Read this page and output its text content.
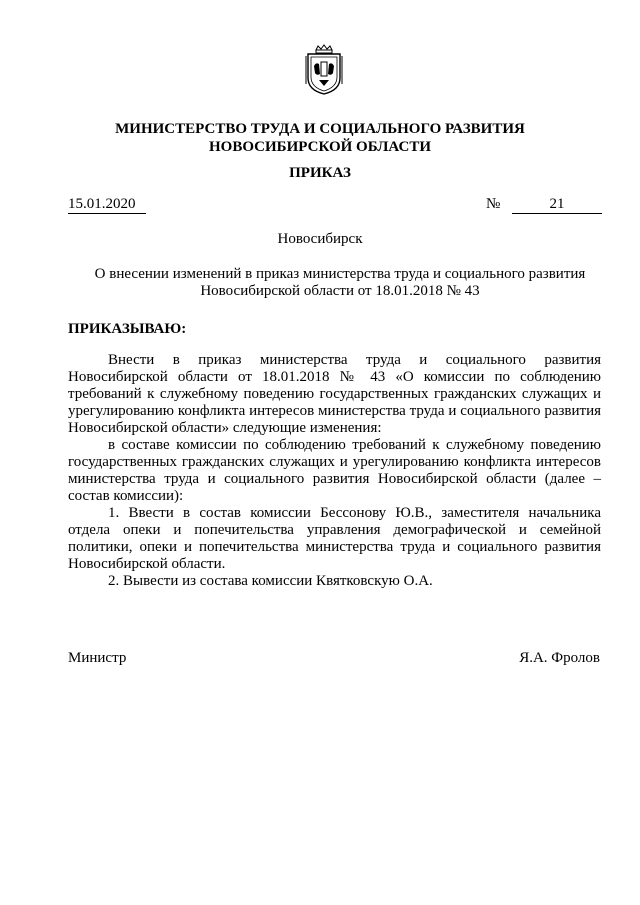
МИНИСТЕРСТВО ТРУДА И СОЦИАЛЬНОГО РАЗВИТИЯ
НОВОСИБИРСКОЙ ОБЛАСТИ
ПРИКАЗ
15.01.2020	№	21
Новосибирск
О внесении изменений в приказ министерства труда и социального развития Новосибирской области от 18.01.2018 № 43
ПРИКАЗЫВАЮ:

Внести в приказ министерства труда и социального развития Новосибирской области от 18.01.2018 № 43 «О комиссии по соблюдению требований к служебному поведению государственных гражданских служащих и урегулированию конфликта интересов министерства труда и социального развития Новосибирской области» следующие изменения:

в составе комиссии по соблюдению требований к служебному поведению государственных гражданских служащих и урегулированию конфликта интересов министерства труда и социального развития Новосибирской области (далее – состав комиссии):

1. Ввести в состав комиссии Бессонову Ю.В., заместителя начальника отдела опеки и попечительства управления демографической и семейной политики, опеки и попечительства министерства труда и социального развития Новосибирской области.

2. Вывести из состава комиссии Квятковскую О.А.

Министр	Я.А. Фролов
